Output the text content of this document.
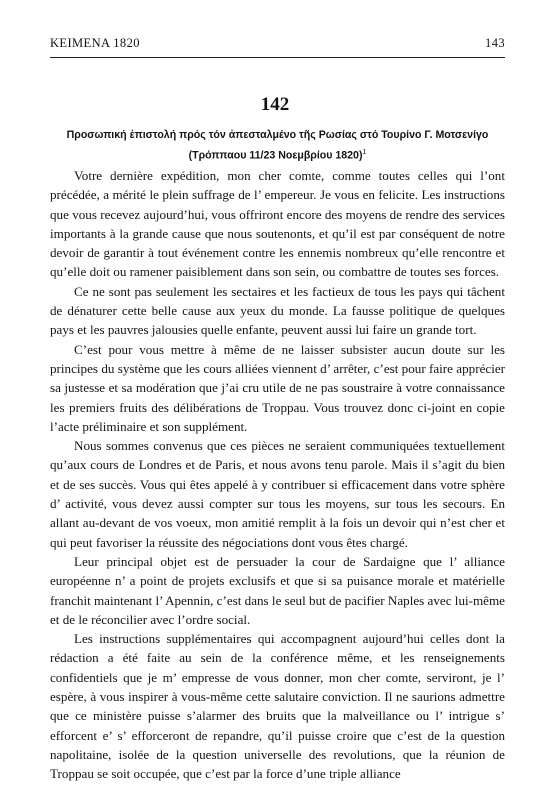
KEIMENA 1820	143
142
Προσωπική ἐπιστολή πρός τόν ἀπεσταλμένο τῆς Ρωσίας στό Τουρίνο Γ. Μοτσενίγο
(Τρόππαου 11/23 Νοεμβρίου 1820)$^1$

Votre dernière expédition, mon cher comte, comme toutes celles qui l’ont précédée, a mérité le plein suffrage de l’ empereur. Je vous en felicite. Les instructions que vous recevez aujourd’hui, vous offriront encore des moyens de rendre des services importants à la grande cause que nous soutenonts, et qu’il est par conséquent de notre devoir de garantir à tout événement contre les ennemis nombreux qu’elle rencontre et qu’elle doit ou ramener paisiblement dans son sein, ou combattre de toutes ses forces.

Ce ne sont pas seulement les sectaires et les factieux de tous les pays qui tâchent de dénaturer cette belle cause aux yeux du monde. La fausse politique de quelques pays et les pauvres jalousies quelle enfante, peuvent aussi lui faire un grande tort.

C’est pour vous mettre à même de ne laisser subsister aucun doute sur les principes du système que les cours alliées viennent d’ arrêter, c’est pour faire apprécier sa justesse et sa modération que j’ai cru utile de ne pas soustraire à votre connaissance les premiers fruits des délibérations de Troppau. Vous trouvez donc ci-joint en copie l’acte préliminaire et son supplément.

Nous sommes convenus que ces pièces ne seraient communiquées textuellement qu’aux cours de Londres et de Paris, et nous avons tenu parole. Mais il s’agit du bien et de ses succès. Vous qui êtes appelé à y contribuer si efficacement dans votre sphère d’ activité, vous devez aussi compter sur tous les moyens, sur tous les secours. En allant au-devant de vos voeux, mon amitié remplit à la fois un devoir qui n’est cher et qui peut favoriser la réussite des négociations dont vous êtes chargé.

Leur principal objet est de persuader la cour de Sardaigne que l’ alliance européenne n’ a point de projets exclusifs et que si sa puisance morale et matérielle franchit maintenant l’ Apennin, c’est dans le seul but de pacifier Naples avec lui-même et de le réconcilier avec l’ordre social.

Les instructions supplémentaires qui accompagnent aujourd’hui celles dont la rédaction a été faite au sein de la conférence même, et les renseignements confidentiels que je m’ empresse de vous donner, mon cher comte, serviront, je l’ espère, à vous inspirer à vous-même cette salutaire conviction. Il ne saurions admettre que ce ministère puisse s’alarmer des bruits que la malveillance ou l’ intrigue s’ efforcent e’ s’ efforceront de repandre, qu’il puisse croire que c’est de la question napolitaine, isolée de la question universelle des revolutions, que la réunion de Troppau se soit occupée, que c’est par la force d’une triple alliance
